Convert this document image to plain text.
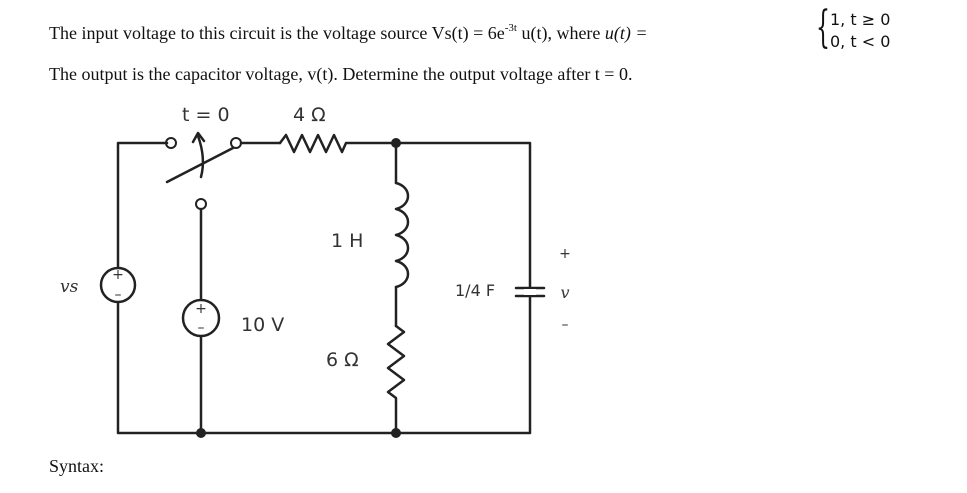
The input voltage to this circuit is the voltage source $Vs(t) = 6e^{-3t}$ u(t), where u(t) =	{ 1, t ≥ 0
0, t < 0
The output is the capacitor voltage, v(t). Determine the output voltage after t = 0.
+
–
+
–
t = 0	4 Ω
1 H
6 Ω
1/4 F
vs
10 V
+
v
–
Syntax:
